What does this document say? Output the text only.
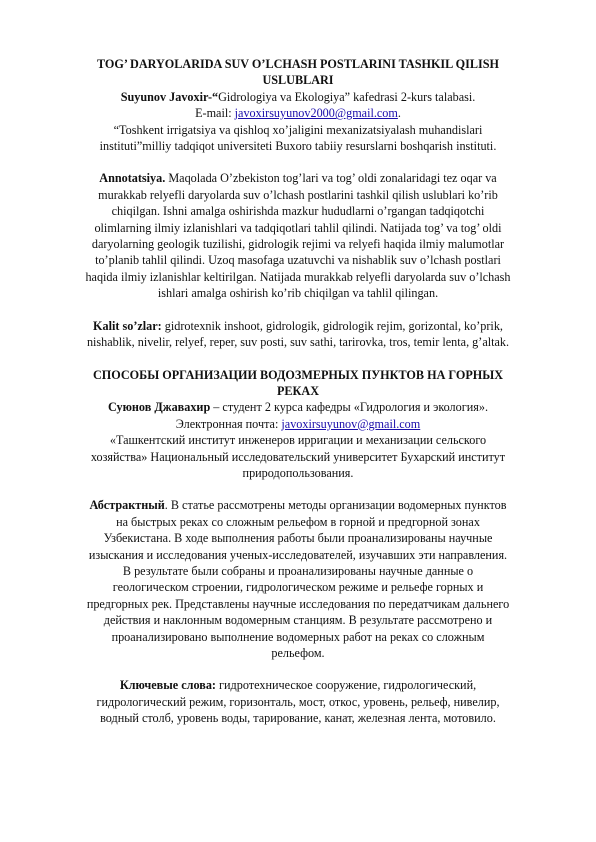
TOG’ DARYOLARIDA SUV O’LCHASH POSTLARINI TASHKIL QILISH USLUBLARI

Suyunov Javoxir-“Gidrologiya va Ekologiya” kafedrasi 2-kurs talabasi.

E-mail: javoxirsuyunov2000@gmail.com.

“Toshkent irrigatsiya va qishloq xo’jaligini mexanizatsiyalash muhandislari instituti”milliy tadqiqot universiteti Buxoro tabiiy resurslarni boshqarish instituti.

Annotatsiya. Maqolada O’zbekiston tog’lari va tog’ oldi zonalaridagi tez oqar va murakkab relyefli daryolarda suv o’lchash postlarini tashkil qilish uslublari ko’rib chiqilgan. Ishni amalga oshirishda mazkur hududlarni o’rgangan tadqiqotchi olimlarning ilmiy izlanishlari va tadqiqotlari tahlil qilindi. Natijada tog’ va tog’ oldi daryolarning geologik tuzilishi, gidrologik rejimi va relyefi haqida ilmiy malumotlar to’planib tahlil qilindi. Uzoq masofaga uzatuvchi va nishablik suv o’lchash postlari haqida ilmiy izlanishlar keltirilgan. Natijada murakkab relyefli daryolarda suv o’lchash ishlari amalga oshirish ko’rib chiqilgan va tahlil qilingan.

Kalit so’zlar: gidrotexnik inshoot, gidrologik, gidrologik rejim, gorizontal, ko’prik, nishablik, nivelir, relyef, reper, suv posti, suv sathi, tarirovka, tros, temir lenta, g’altak.

СПОСОБЫ ОРГАНИЗАЦИИ ВОДОЗМЕРНЫХ ПУНКТОВ НА ГОРНЫХ РЕКАХ

Суюнов Джавахир – студент 2 курса кафедры «Гидрология и экология».

Электронная почта: javoxirsuyunov@gmail.com

«Ташкентский институт инженеров ирригации и механизации сельского хозяйства» Национальный исследовательский университет Бухарский институт природопользования.

Абстрактный. В статье рассмотрены методы организации водомерных пунктов на быстрых реках со сложным рельефом в горной и предгорной зонах Узбекистана. В ходе выполнения работы были проанализированы научные изыскания и исследования ученых-исследователей, изучавших эти направления. В результате были собраны и проанализированы научные данные о геологическом строении, гидрологическом режиме и рельефе горных и предгорных рек. Представлены научные исследования по передатчикам дальнего действия и наклонным водомерным станциям. В результате рассмотрено и проанализировано выполнение водомерных работ на реках со сложным рельефом.

Ключевые слова: гидротехническое сооружение, гидрологический, гидрологический режим, горизонталь, мост, откос, уровень, рельеф, нивелир, водный столб, уровень воды, тарирование, канат, железная лента, мотовило.
